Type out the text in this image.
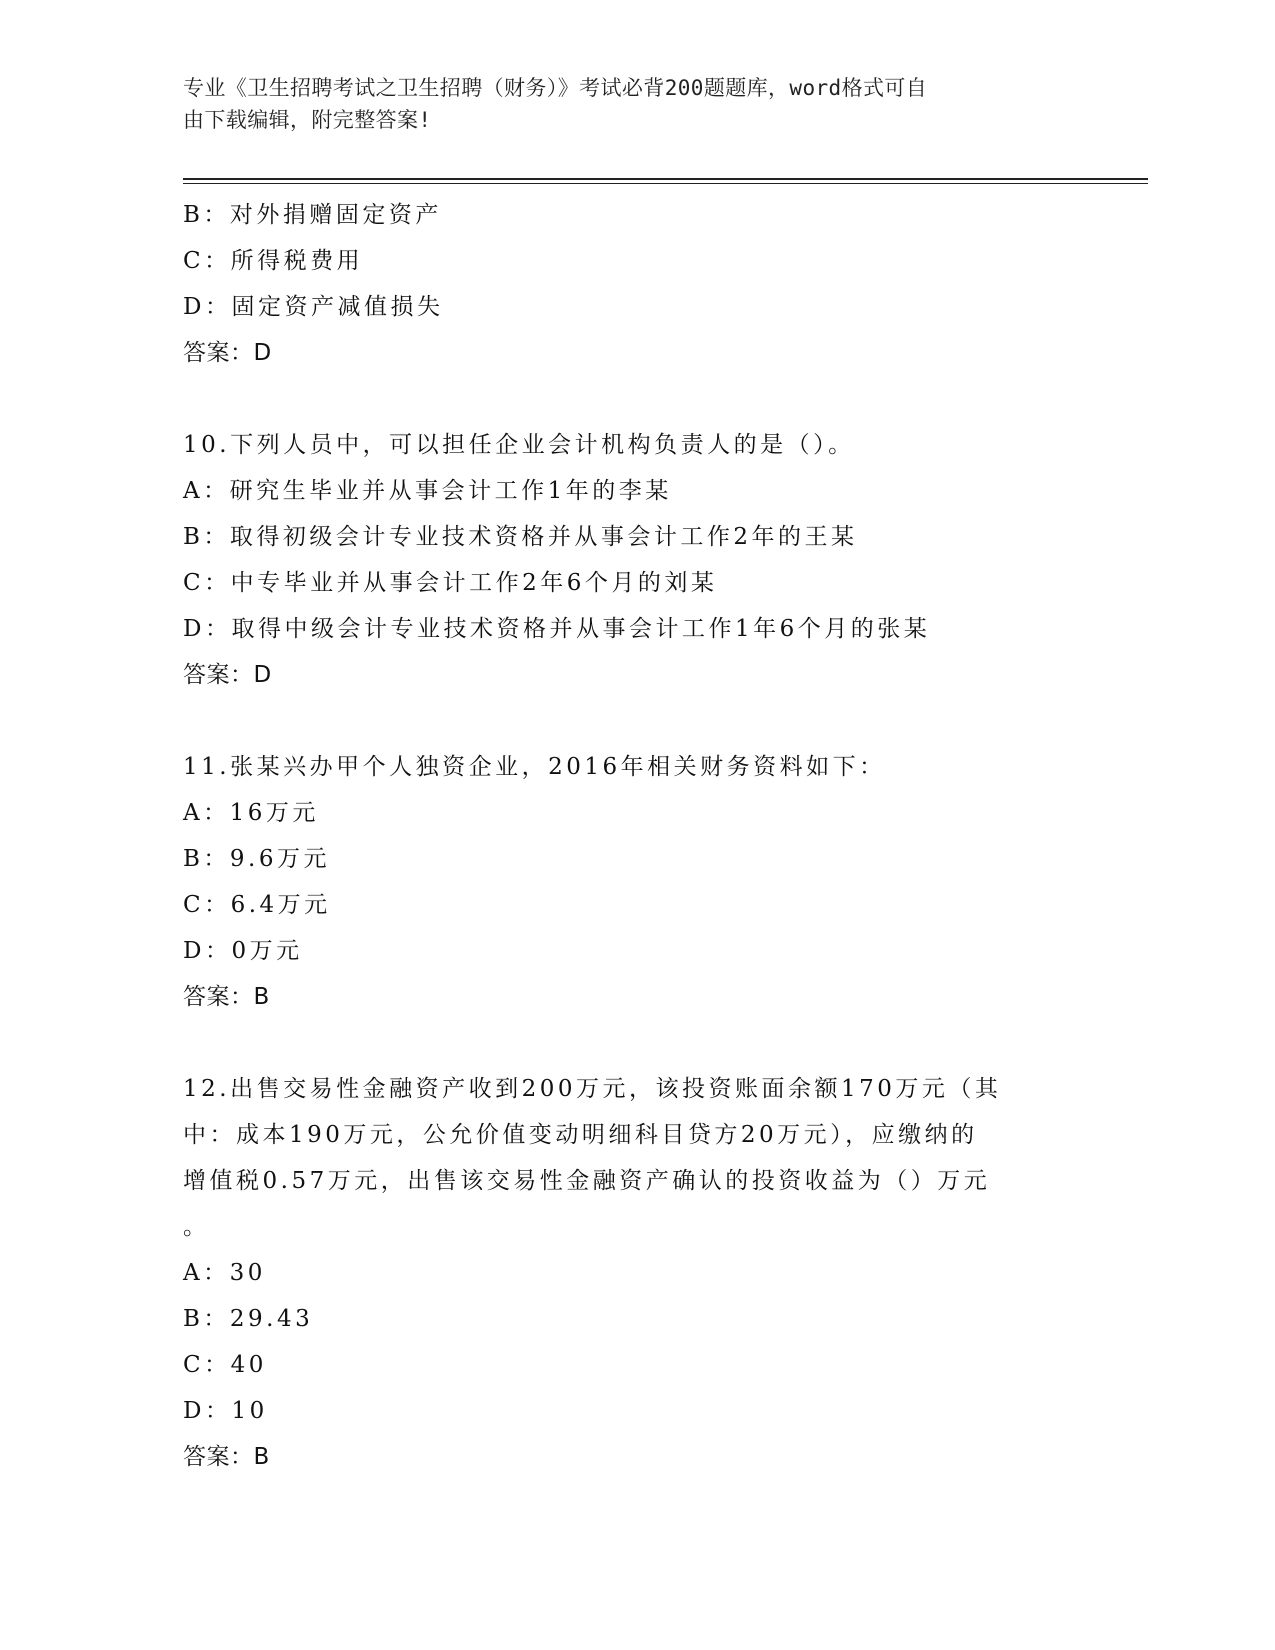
专业《卫生招聘考试之卫生招聘（财务）》考试必背200题题库，word格式可自
由下载编辑，附完整答案!
B：对外捐赠固定资产
C：所得税费用
D：固定资产减值损失
答案：D
10.下列人员中，可以担任企业会计机构负责人的是（）。
A：研究生毕业并从事会计工作1年的李某
B：取得初级会计专业技术资格并从事会计工作2年的王某
C：中专毕业并从事会计工作2年6个月的刘某
D：取得中级会计专业技术资格并从事会计工作1年6个月的张某
答案：D
11.张某兴办甲个人独资企业，2016年相关财务资料如下：
A：16万元
B：9.6万元
C：6.4万元
D：0万元
答案：B
12.出售交易性金融资产收到200万元，该投资账面余额170万元（其
中：成本190万元，公允价值变动明细科目贷方20万元），应缴纳的
增值税0.57万元，出售该交易性金融资产确认的投资收益为（）万元
。
A：30
B：29.43
C：40
D：10
答案：B
